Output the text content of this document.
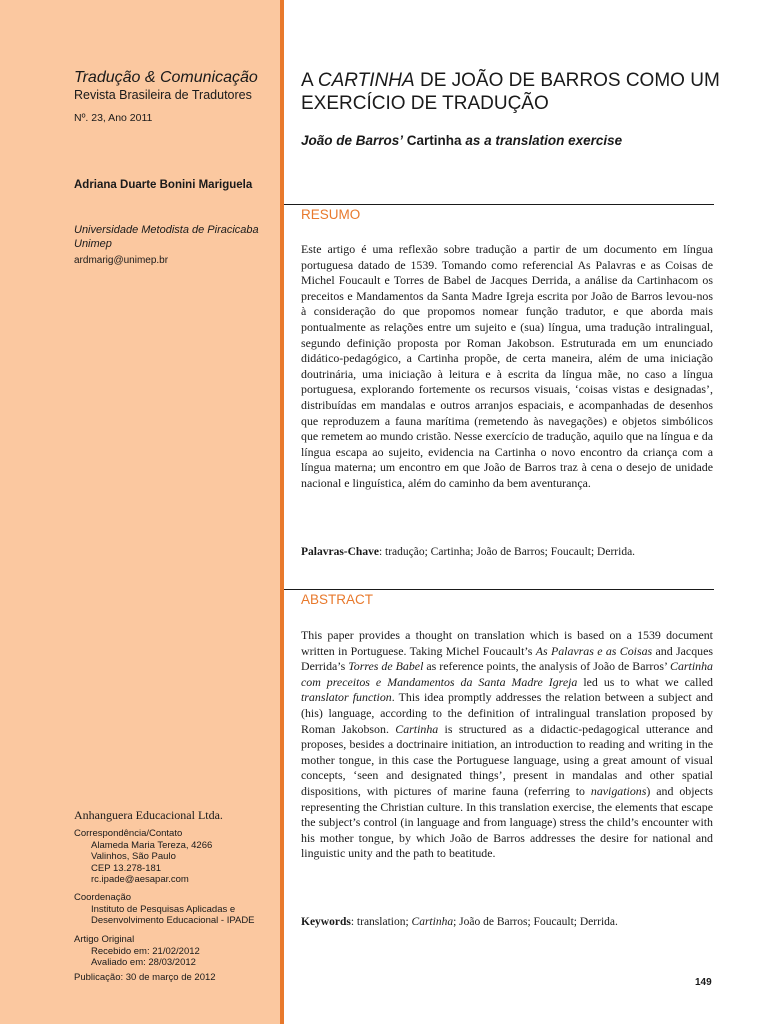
Tradução & Comunicação
Revista Brasileira de Tradutores
Nº. 23, Ano 2011
Adriana Duarte Bonini Mariguela
Universidade Metodista de Piracicaba
Unimep
ardmarig@unimep.br
Anhanguera Educacional Ltda.
Correspondência/Contato
Alameda Maria Tereza, 4266
Valinhos, São Paulo
CEP 13.278-181
rc.ipade@aesapar.com
Coordenação
Instituto de Pesquisas Aplicadas e
Desenvolvimento Educacional - IPADE
Artigo Original
Recebido em: 21/02/2012
Avaliado em: 28/03/2012
Publicação: 30 de março de 2012
A CARTINHA DE JOÃO DE BARROS COMO UM
EXERCÍCIO DE TRADUÇÃO
João de Barros’ Cartinha as a translation exercise
RESUMO
Este artigo é uma reflexão sobre tradução a partir de um documento em língua portuguesa datado de 1539. Tomando como referencial As Palavras e as Coisas de Michel Foucault e Torres de Babel de Jacques Derrida, a análise da Cartinhacom os preceitos e Mandamentos da Santa Madre Igreja escrita por João de Barros levou-nos à consideração do que propomos nomear função tradutor, e que aborda mais pontualmente as relações entre um sujeito e (sua) língua, uma tradução intralingual, segundo definição proposta por Roman Jakobson. Estruturada em um enunciado didático-pedagógico, a Cartinha propõe, de certa maneira, além de uma iniciação doutrinária, uma iniciação à leitura e à escrita da língua mãe, no caso a língua portuguesa, explorando fortemente os recursos visuais, ‘coisas vistas e designadas’, distribuídas em mandalas e outros arranjos espaciais, e acompanhadas de desenhos que reproduzem a fauna marítima (remetendo às navegações) e objetos simbólicos que remetem ao mundo cristão. Nesse exercício de tradução, aquilo que na língua e da língua escapa ao sujeito, evidencia na Cartinha o novo encontro da criança com a língua materna; um encontro em que João de Barros traz à cena o desejo de unidade nacional e linguística, além do caminho da bem aventurança.
Palavras-Chave: tradução; Cartinha; João de Barros; Foucault; Derrida.
ABSTRACT
This paper provides a thought on translation which is based on a 1539 document written in Portuguese. Taking Michel Foucault’s As Palavras e as Coisas and Jacques Derrida’s Torres de Babel as reference points, the analysis of João de Barros’ Cartinha com preceitos e Mandamentos da Santa Madre Igreja led us to what we called translator function. This idea promptly addresses the relation between a subject and (his) language, according to the definition of intralingual translation proposed by Roman Jakobson. Cartinha is structured as a didactic-pedagogical utterance and proposes, besides a doctrinaire initiation, an introduction to reading and writing in the mother tongue, in this case the Portuguese language, using a great amount of visual concepts, ‘seen and designated things’, present in mandalas and other spatial dispositions, with pictures of marine fauna (referring to navigations) and objects representing the Christian culture. In this translation exercise, the elements that escape the subject’s control (in language and from language) stress the child’s encounter with his mother tongue, by which João de Barros addresses the desire for national and linguistic unity and the path to beatitude.
Keywords: translation; Cartinha; João de Barros; Foucault; Derrida.
149
